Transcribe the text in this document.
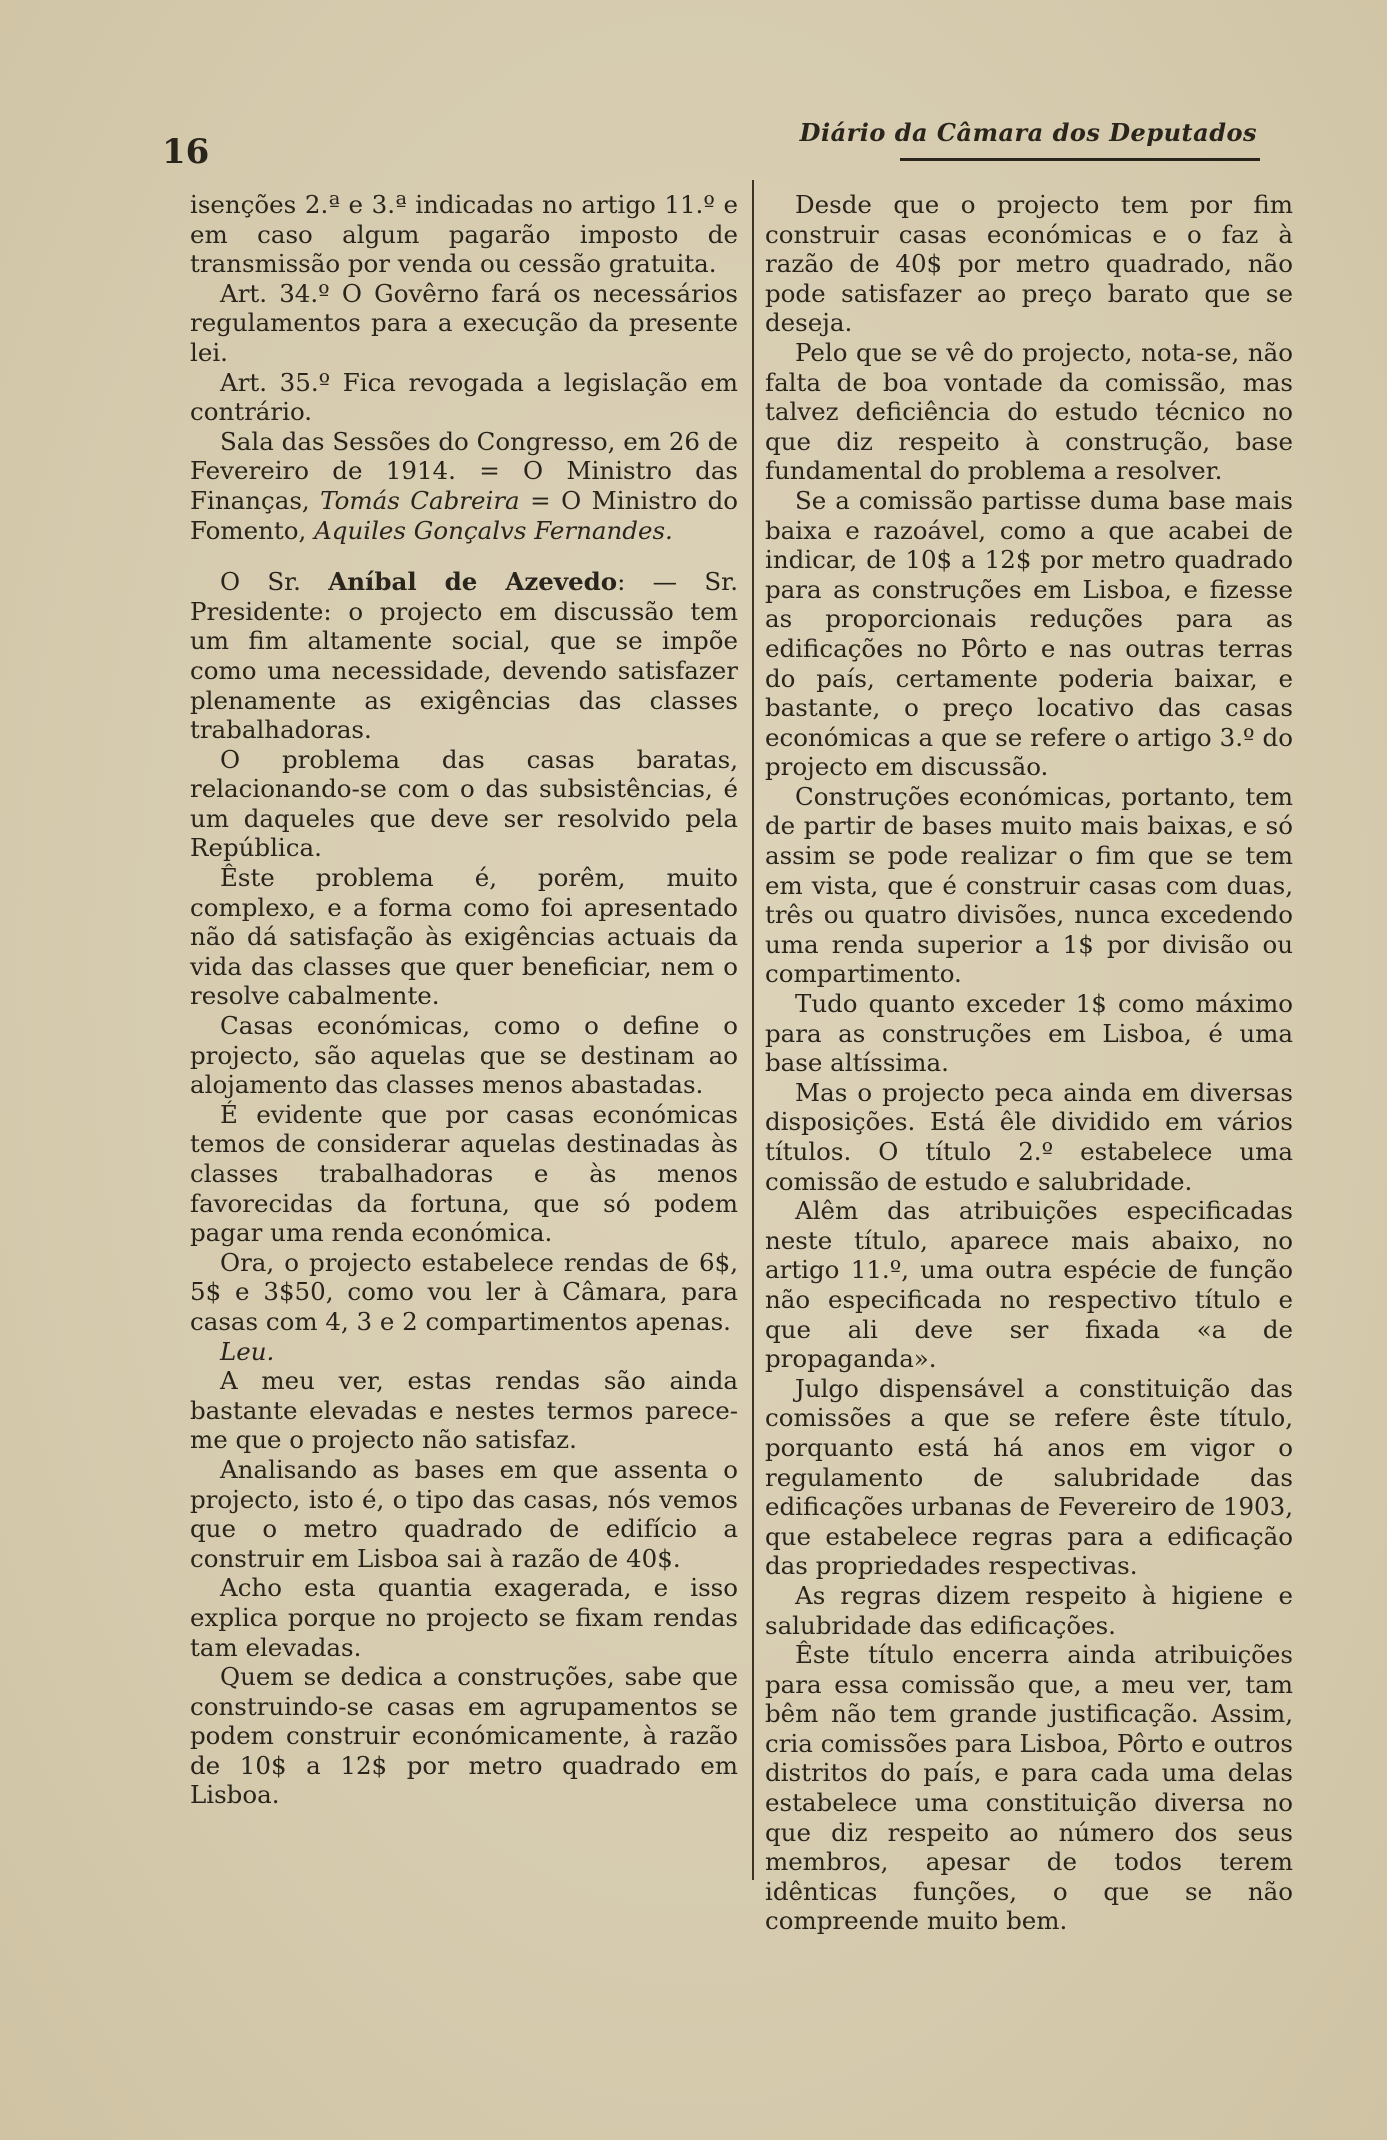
16	Diário da Câmara dos Deputados

isenções 2.ª e 3.ª indicadas no artigo 11.º e em caso algum pagarão imposto de transmissão por venda ou cessão gratuita.

Art. 34.º O Govêrno fará os necessários regulamentos para a execução da presente lei.

Art. 35.º Fica revogada a legislação em contrário.

Sala das Sessões do Congresso, em 26 de Fevereiro de 1914. = O Ministro das Finanças, Tomás Cabreira = O Ministro do Fomento, Aquiles Gonçalvs Fernandes.

O Sr. Aníbal de Azevedo: — Sr. Presidente: o projecto em discussão tem um fim altamente social, que se impõe como uma necessidade, devendo satisfazer plenamente as exigências das classes trabalhadoras.

O problema das casas baratas, relacionando-se com o das subsistências, é um daqueles que deve ser resolvido pela República.

Êste problema é, porêm, muito complexo, e a forma como foi apresentado não dá satisfação às exigências actuais da vida das classes que quer beneficiar, nem o resolve cabalmente.

Casas económicas, como o define o projecto, são aquelas que se destinam ao alojamento das classes menos abastadas.

É evidente que por casas económicas temos de considerar aquelas destinadas às classes trabalhadoras e às menos favorecidas da fortuna, que só podem pagar uma renda económica.

Ora, o projecto estabelece rendas de 6$, 5$ e 3$50, como vou ler à Câmara, para casas com 4, 3 e 2 compartimentos apenas.

Leu.

A meu ver, estas rendas são ainda bastante elevadas e nestes termos parece-me que o projecto não satisfaz.

Analisando as bases em que assenta o projecto, isto é, o tipo das casas, nós vemos que o metro quadrado de edifício a construir em Lisboa sai à razão de 40$.

Acho esta quantia exagerada, e isso explica porque no projecto se fixam rendas tam elevadas.

Quem se dedica a construções, sabe que construindo-se casas em agrupamentos se podem construir económicamente, à razão de 10$ a 12$ por metro quadrado em Lisboa.

Desde que o projecto tem por fim construir casas económicas e o faz à razão de 40$ por metro quadrado, não pode satisfazer ao preço barato que se deseja.

Pelo que se vê do projecto, nota-se, não falta de boa vontade da comissão, mas talvez deficiência do estudo técnico no que diz respeito à construção, base fundamental do problema a resolver.

Se a comissão partisse duma base mais baixa e razoável, como a que acabei de indicar, de 10$ a 12$ por metro quadrado para as construções em Lisboa, e fizesse as proporcionais reduções para as edificações no Pôrto e nas outras terras do país, certamente poderia baixar, e bastante, o preço locativo das casas económicas a que se refere o artigo 3.º do projecto em discussão.

Construções económicas, portanto, tem de partir de bases muito mais baixas, e só assim se pode realizar o fim que se tem em vista, que é construir casas com duas, três ou quatro divisões, nunca excedendo uma renda superior a 1$ por divisão ou compartimento.

Tudo quanto exceder 1$ como máximo para as construções em Lisboa, é uma base altíssima.

Mas o projecto peca ainda em diversas disposições. Está êle dividido em vários títulos. O título 2.º estabelece uma comissão de estudo e salubridade.

Alêm das atribuições especificadas neste título, aparece mais abaixo, no artigo 11.º, uma outra espécie de função não especificada no respectivo título e que ali deve ser fixada «a de propaganda».

Julgo dispensável a constituição das comissões a que se refere êste título, porquanto está há anos em vigor o regulamento de salubridade das edificações urbanas de Fevereiro de 1903, que estabelece regras para a edificação das propriedades respectivas.

As regras dizem respeito à higiene e salubridade das edificações.

Êste título encerra ainda atribuições para essa comissão que, a meu ver, tam bêm não tem grande justificação. Assim, cria comissões para Lisboa, Pôrto e outros distritos do país, e para cada uma delas estabelece uma constituição diversa no que diz respeito ao número dos seus membros, apesar de todos terem idênticas funções, o que se não compreende muito bem.
